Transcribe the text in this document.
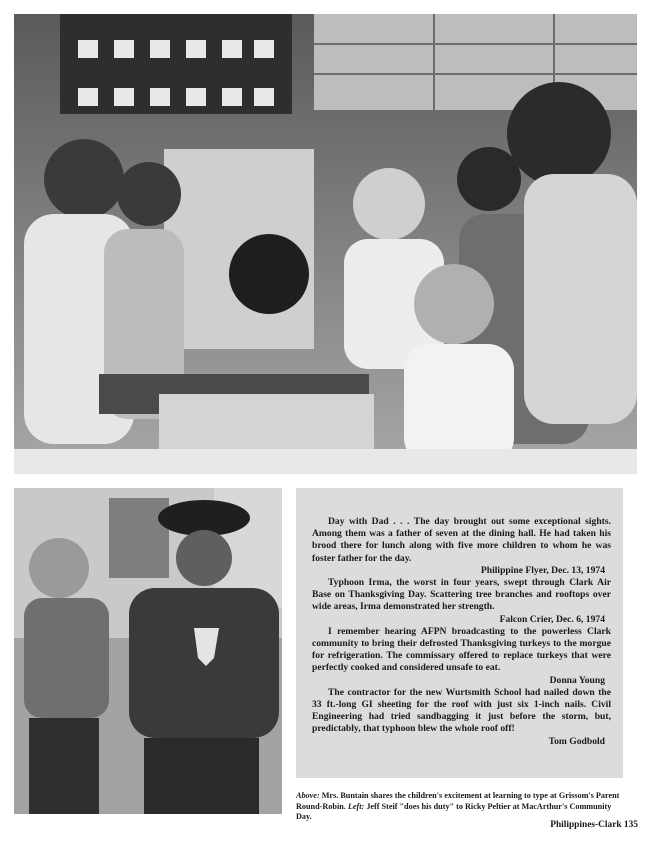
Day with Dad . . . The day brought out some exceptional sights. Among them was a father of seven at the dining hall. He had taken his brood there for lunch along with five more children to whom he was foster father for the day.

Philippine Flyer, Dec. 13, 1974

Typhoon Irma, the worst in four years, swept through Clark Air Base on Thanksgiving Day. Scattering tree branches and rooftops over wide areas, Irma demonstrated her strength.

Falcon Crier, Dec. 6, 1974

I remember hearing AFPN broadcasting to the powerless Clark community to bring their defrosted Thanksgiving turkeys to the morgue for refrigeration. The commissary offered to replace turkeys that were perfectly cooked and considered unsafe to eat.

Donna Young

The contractor for the new Wurtsmith School had nailed down the 33 ft.-long GI sheeting for the roof with just six 1-inch nails. Civil Engineering had tried sandbagging it just before the storm, but, predictably, that typhoon blew the whole roof off!

Tom Godbold

Above: Mrs. Buntain shares the children's excitement at learning to type at Grissom's Parent Round-Robin. Left: Jeff Steif "does his duty" to Ricky Peltier at MacArthur's Community Day.

Philippines-Clark 135
